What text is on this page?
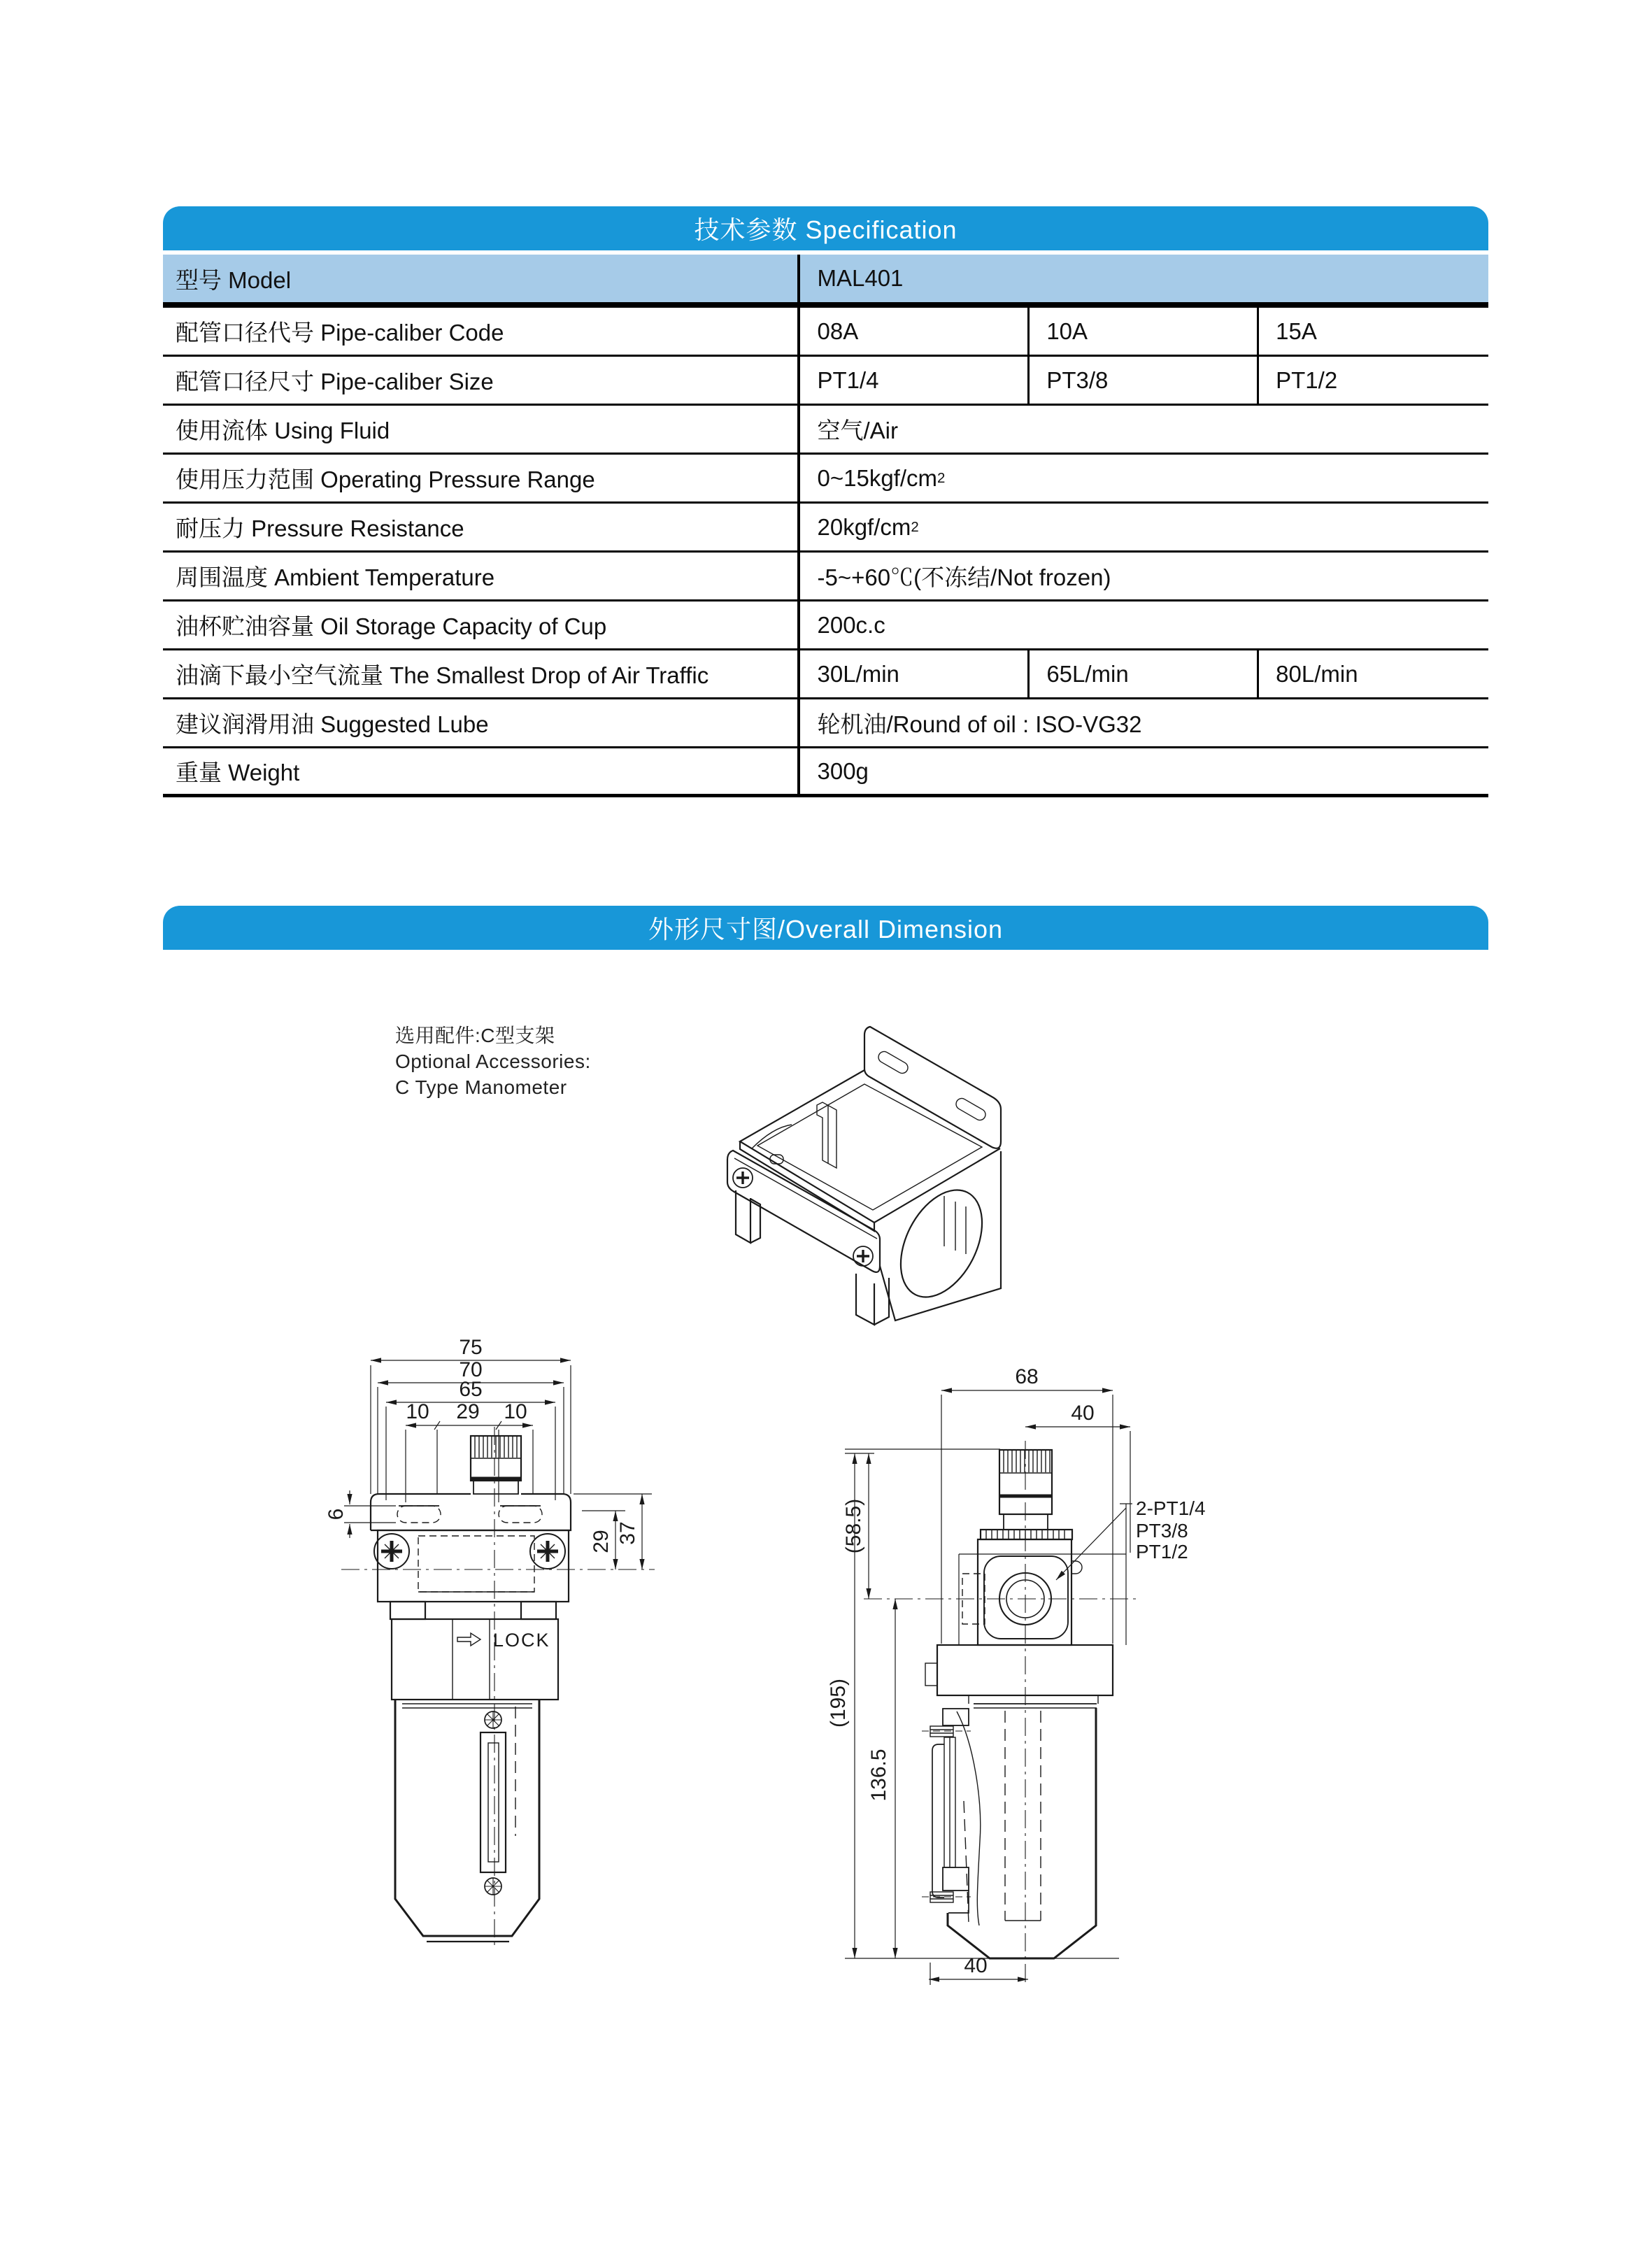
技术参数 Specification
型号 Model	MAL401
配管口径代号 Pipe-caliber Code	08A	10A	15A
配管口径尺寸 Pipe-caliber Size	PT1/4	PT3/8	PT1/2
使用流体 Using Fluid	空气/Air
使用压力范围 Operating Pressure Range	0~15kgf/cm 2
耐压力 Pressure Resistance	20kgf/cm 2
周围温度 Ambient Temperature	-5~+60℃(不冻结/Not frozen)
油杯贮油容量 Oil Storage Capacity of Cup	200c.c
油滴下最小空气流量 The Smallest Drop of Air Traffic	30L/min	65L/min	80L/min
建议润滑用油 Suggested Lube	轮机油/Round of oil : ISO-VG32
重量 Weight	300g
外形尺寸图/Overall Dimension
选用配件:C型支架
Optional Accessories:
C Type Manometer
75
70
65
10 29 10
6
29 37
LOCK
68
40
(58.5)
(195)
136.5
40
2-PT1/4
PT3/8
PT1/2
